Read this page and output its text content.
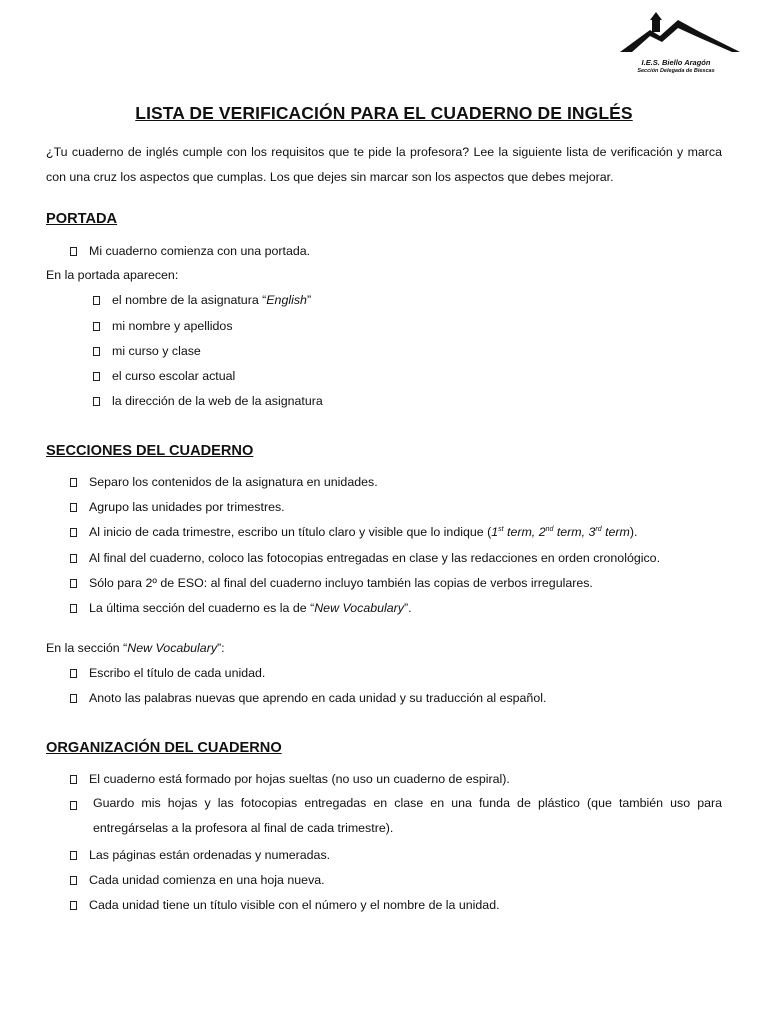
I.E.S. Biello Aragón
Sección Delegada de Biescas
LISTA DE VERIFICACIÓN PARA EL CUADERNO DE INGLÉS
¿Tu cuaderno de inglés cumple con los requisitos que te pide la profesora? Lee la siguiente lista de verificación y marca con una cruz los aspectos que cumplas. Los que dejes sin marcar son los aspectos que debes mejorar.
PORTADA
Mi cuaderno comienza con una portada.
En la portada aparecen:
el nombre de la asignatura “English”
mi nombre y apellidos
mi curso y clase
el curso escolar actual
la dirección de la web de la asignatura
SECCIONES DEL CUADERNO
Separo los contenidos de la asignatura en unidades.
Agrupo las unidades por trimestres.
Al inicio de cada trimestre, escribo un título claro y visible que lo indique (1st term, 2nd term, 3rd term).
Al final del cuaderno, coloco las fotocopias entregadas en clase y las redacciones en orden cronológico.
Sólo para 2º de ESO: al final del cuaderno incluyo también las copias de verbos irregulares.
La última sección del cuaderno es la de “New Vocabulary”.
En la sección “New Vocabulary”:
Escribo el título de cada unidad.
Anoto las palabras nuevas que aprendo en cada unidad y su traducción al español.
ORGANIZACIÓN DEL CUADERNO
El cuaderno está formado por hojas sueltas (no uso un cuaderno de espiral).
Guardo mis hojas y las fotocopias entregadas en clase en una funda de plástico (que también uso para entregárselas a la profesora al final de cada trimestre).
Las páginas están ordenadas y numeradas.
Cada unidad comienza en una hoja nueva.
Cada unidad tiene un título visible con el número y el nombre de la unidad.
